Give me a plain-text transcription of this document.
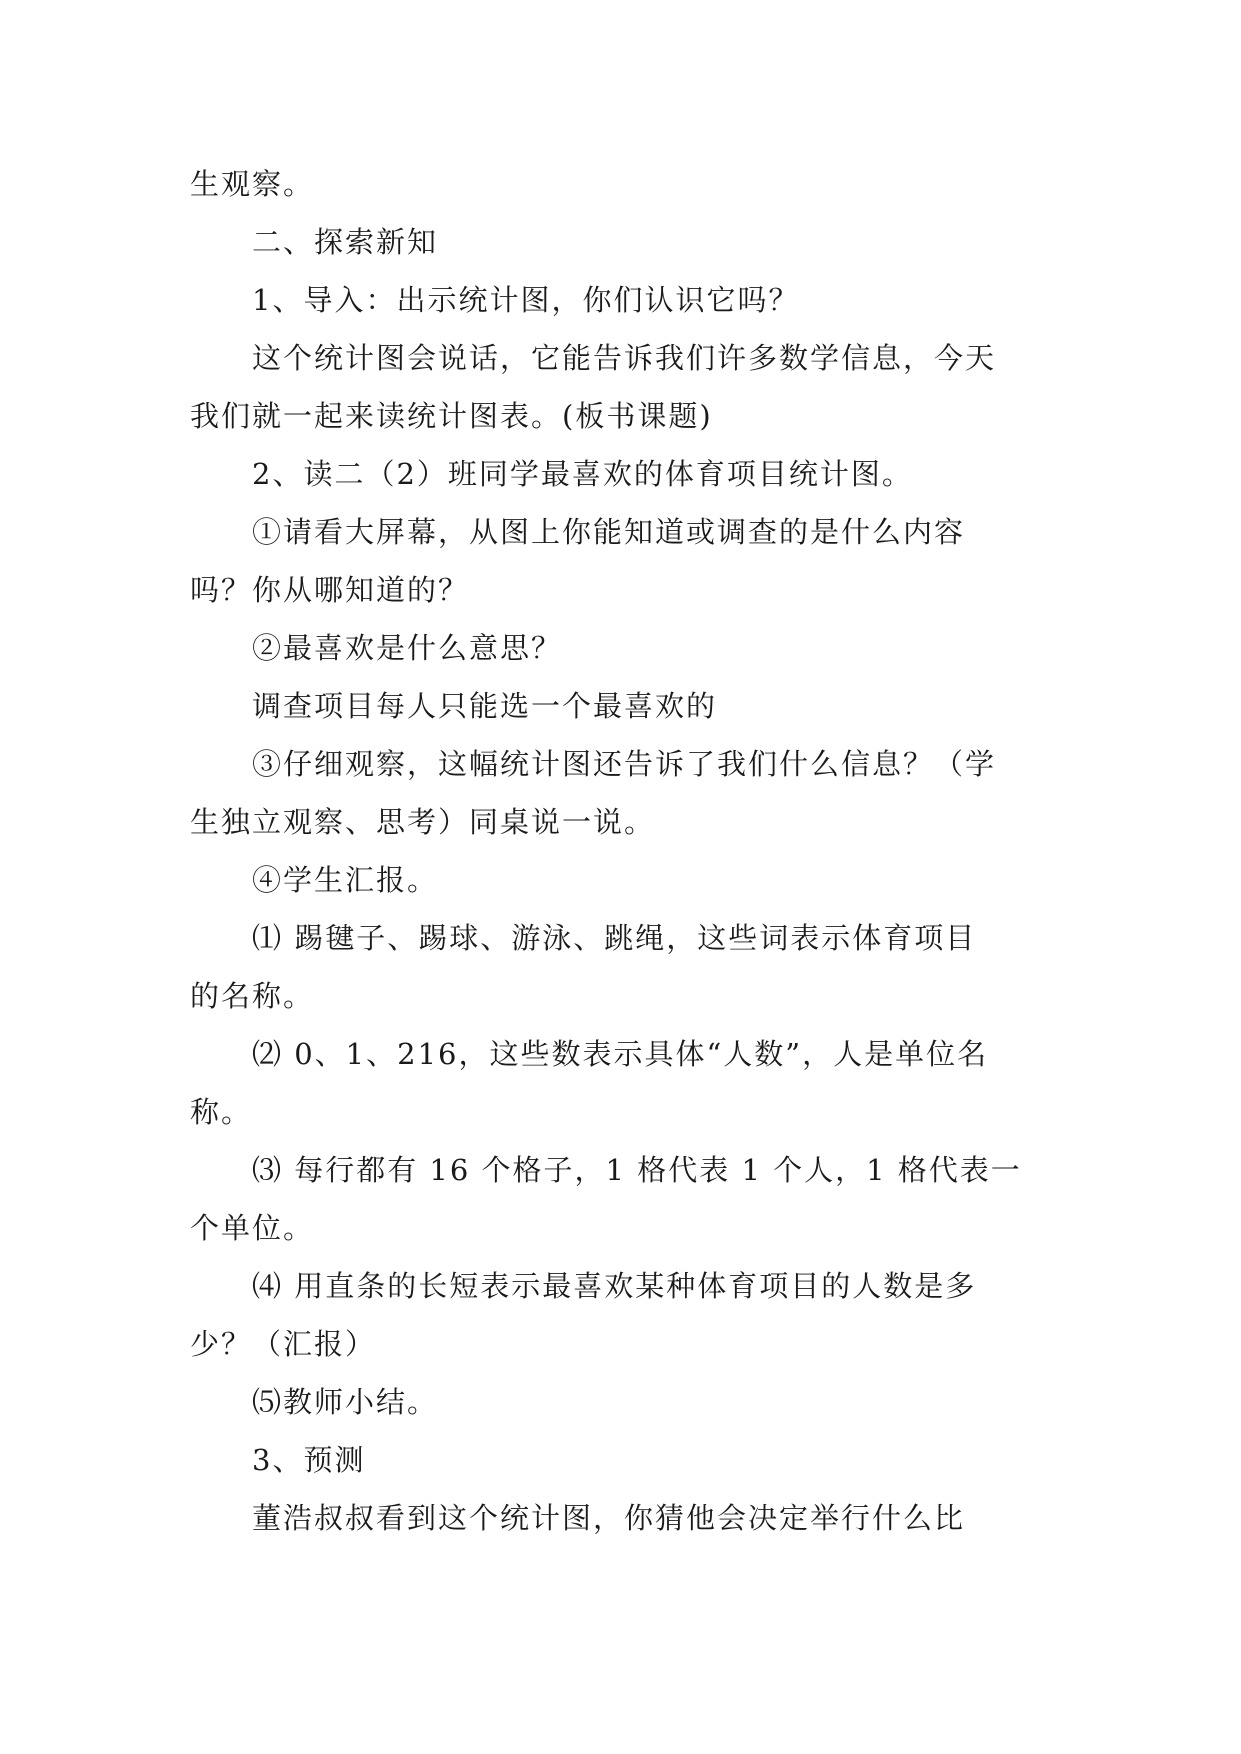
生观察。
二、探索新知
1、导入：出示统计图，你们认识它吗？
这个统计图会说话，它能告诉我们许多数学信息，今天
我们就一起来读统计图表。(板书课题)
2、读二（2）班同学最喜欢的体育项目统计图。
①请看大屏幕，从图上你能知道或调查的是什么内容
吗？你从哪知道的？
②最喜欢是什么意思？
调查项目每人只能选一个最喜欢的
③仔细观察，这幅统计图还告诉了我们什么信息？（学
生独立观察、思考）同桌说一说。
④学生汇报。
⑴ 踢毽子、踢球、游泳、跳绳，这些词表示体育项目
的名称。
⑵ 0、1、216，这些数表示具体“人数”，人是单位名
称。
⑶ 每行都有 16 个格子，1 格代表 1 个人，1 格代表一
个单位。
⑷ 用直条的长短表示最喜欢某种体育项目的人数是多
少？（汇报）
⑸教师小结。
3、预测
董浩叔叔看到这个统计图，你猜他会决定举行什么比
